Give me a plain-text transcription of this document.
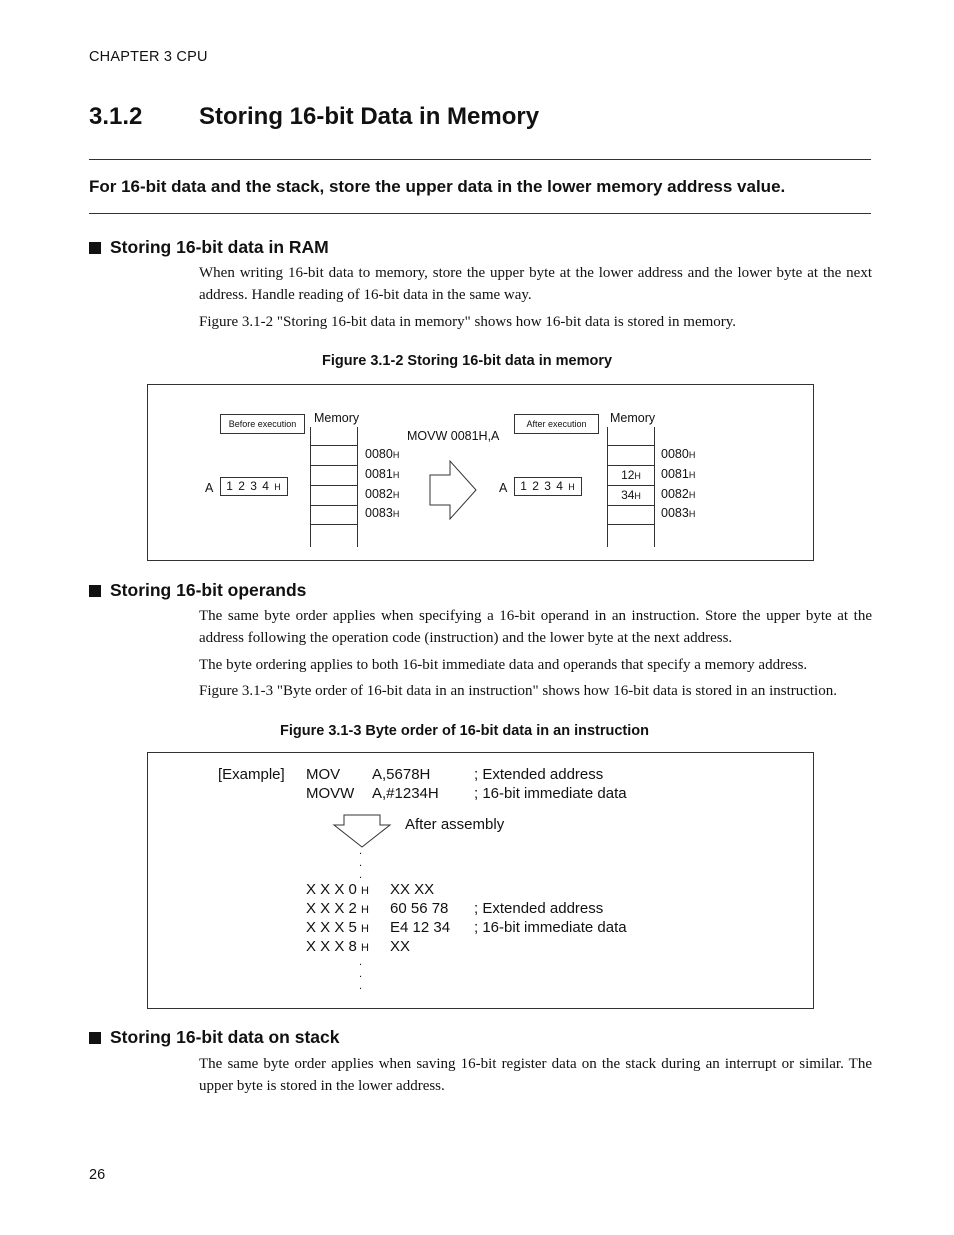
CHAPTER 3 CPU
3.1.2 Storing 16-bit Data in Memory
For 16-bit data and the stack, store the upper data in the lower memory address value.
Storing 16-bit data in RAM
When writing 16-bit data to memory, store the upper byte at the lower address and the lower byte at the next address. Handle reading of 16-bit data in the same way.
Figure 3.1-2 "Storing 16-bit data in memory" shows how 16-bit data is stored in memory.
Figure 3.1-2 Storing 16-bit data in memory
Before execution	Memory
A	1 2 3 4 H
0080H
0081H
0082H
0083H
MOVW 0081H,A
After execution	Memory
A	1 2 3 4 H
12H
34H
0080H
0081H
0082H
0083H
Storing 16-bit operands
The same byte order applies when specifying a 16-bit operand in an instruction. Store the upper byte at the address following the operation code (instruction) and the lower byte at the next address.
The byte ordering applies to both 16-bit immediate data and operands that specify a memory address.
Figure 3.1-3 "Byte order of 16-bit data in an instruction" shows how 16-bit data is stored in an instruction.
Figure 3.1-3 Byte order of 16-bit data in an instruction
[Example] MOV A,5678H	; Extended address
MOVW A,#1234H ; 16-bit immediate data
After assembly
.
.
.
X X X 0 H XX XX
X X X 2 H 60 56 78 ; Extended address
X X X 5 H E4 12 34 ; 16-bit immediate data
X X X 8 H XX
.
.
.
Storing 16-bit data on stack
The same byte order applies when saving 16-bit register data on the stack during an interrupt or similar. The upper byte is stored in the lower address.
26
